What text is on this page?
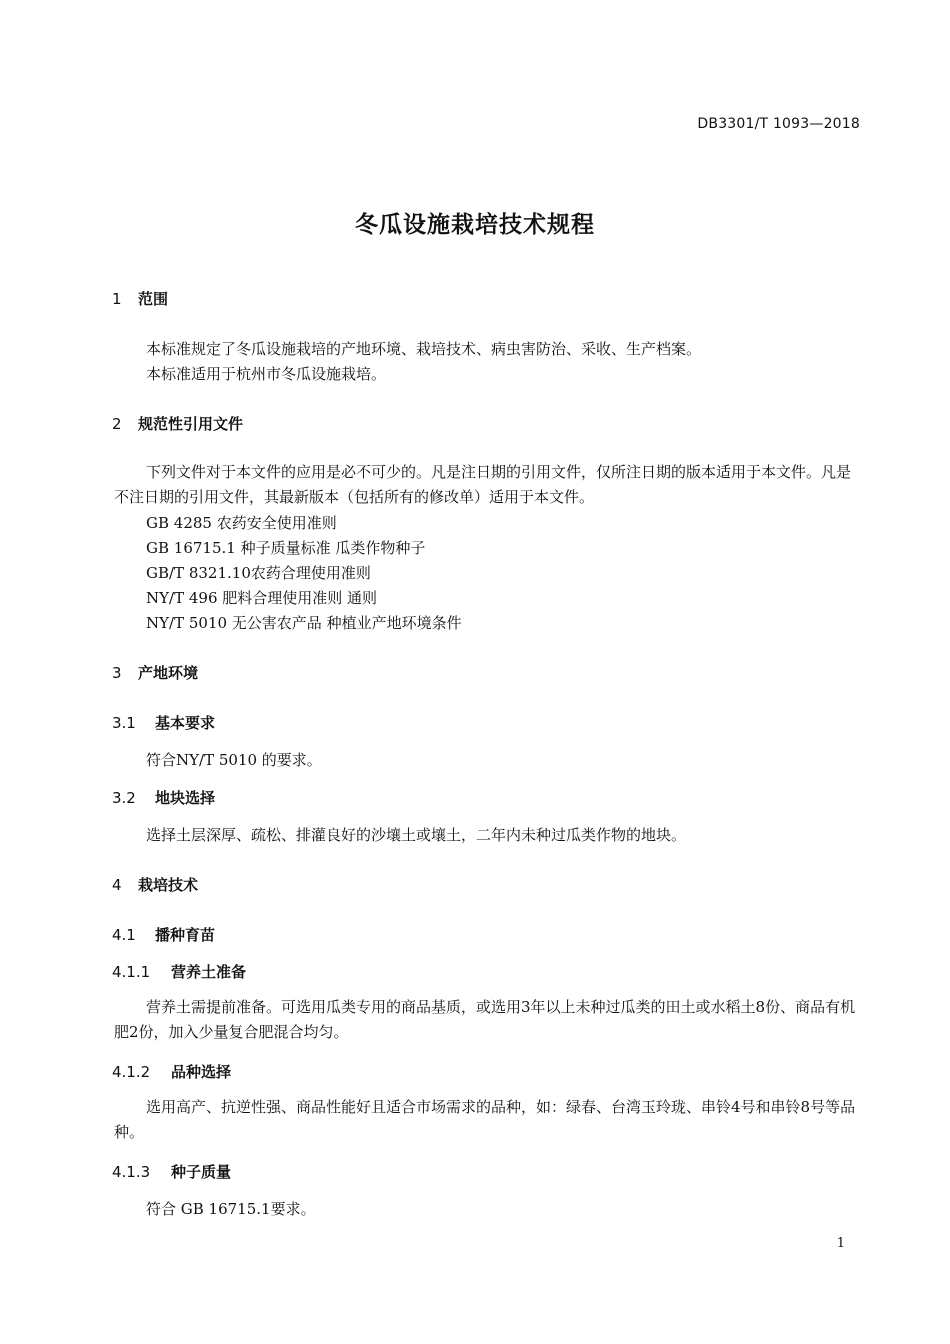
DB3301/T 1093—2018
冬瓜设施栽培技术规程
1 范围
本标准规定了冬瓜设施栽培的产地环境、栽培技术、病虫害防治、采收、生产档案。
本标准适用于杭州市冬瓜设施栽培。
2 规范性引用文件
下列文件对于本文件的应用是必不可少的。凡是注日期的引用文件，仅所注日期的版本适用于本文件。凡是不注日期的引用文件，其最新版本（包括所有的修改单）适用于本文件。
GB 4285 农药安全使用准则
GB 16715.1 种子质量标准 瓜类作物种子
GB/T 8321.10农药合理使用准则
NY/T 496 肥料合理使用准则 通则
NY/T 5010 无公害农产品 种植业产地环境条件
3 产地环境
3.1 基本要求
符合NY/T 5010 的要求。
3.2 地块选择
选择土层深厚、疏松、排灌良好的沙壤土或壤土，二年内未种过瓜类作物的地块。
4 栽培技术
4.1 播种育苗
4.1.1 营养土准备
营养土需提前准备。可选用瓜类专用的商品基质，或选用3年以上未种过瓜类的田土或水稻土8份、商品有机肥2份，加入少量复合肥混合均匀。
4.1.2 品种选择
选用高产、抗逆性强、商品性能好且适合市场需求的品种，如：绿春、台湾玉玲珑、串铃4号和串铃8号等品种。
4.1.3 种子质量
符合 GB 16715.1要求。
1
